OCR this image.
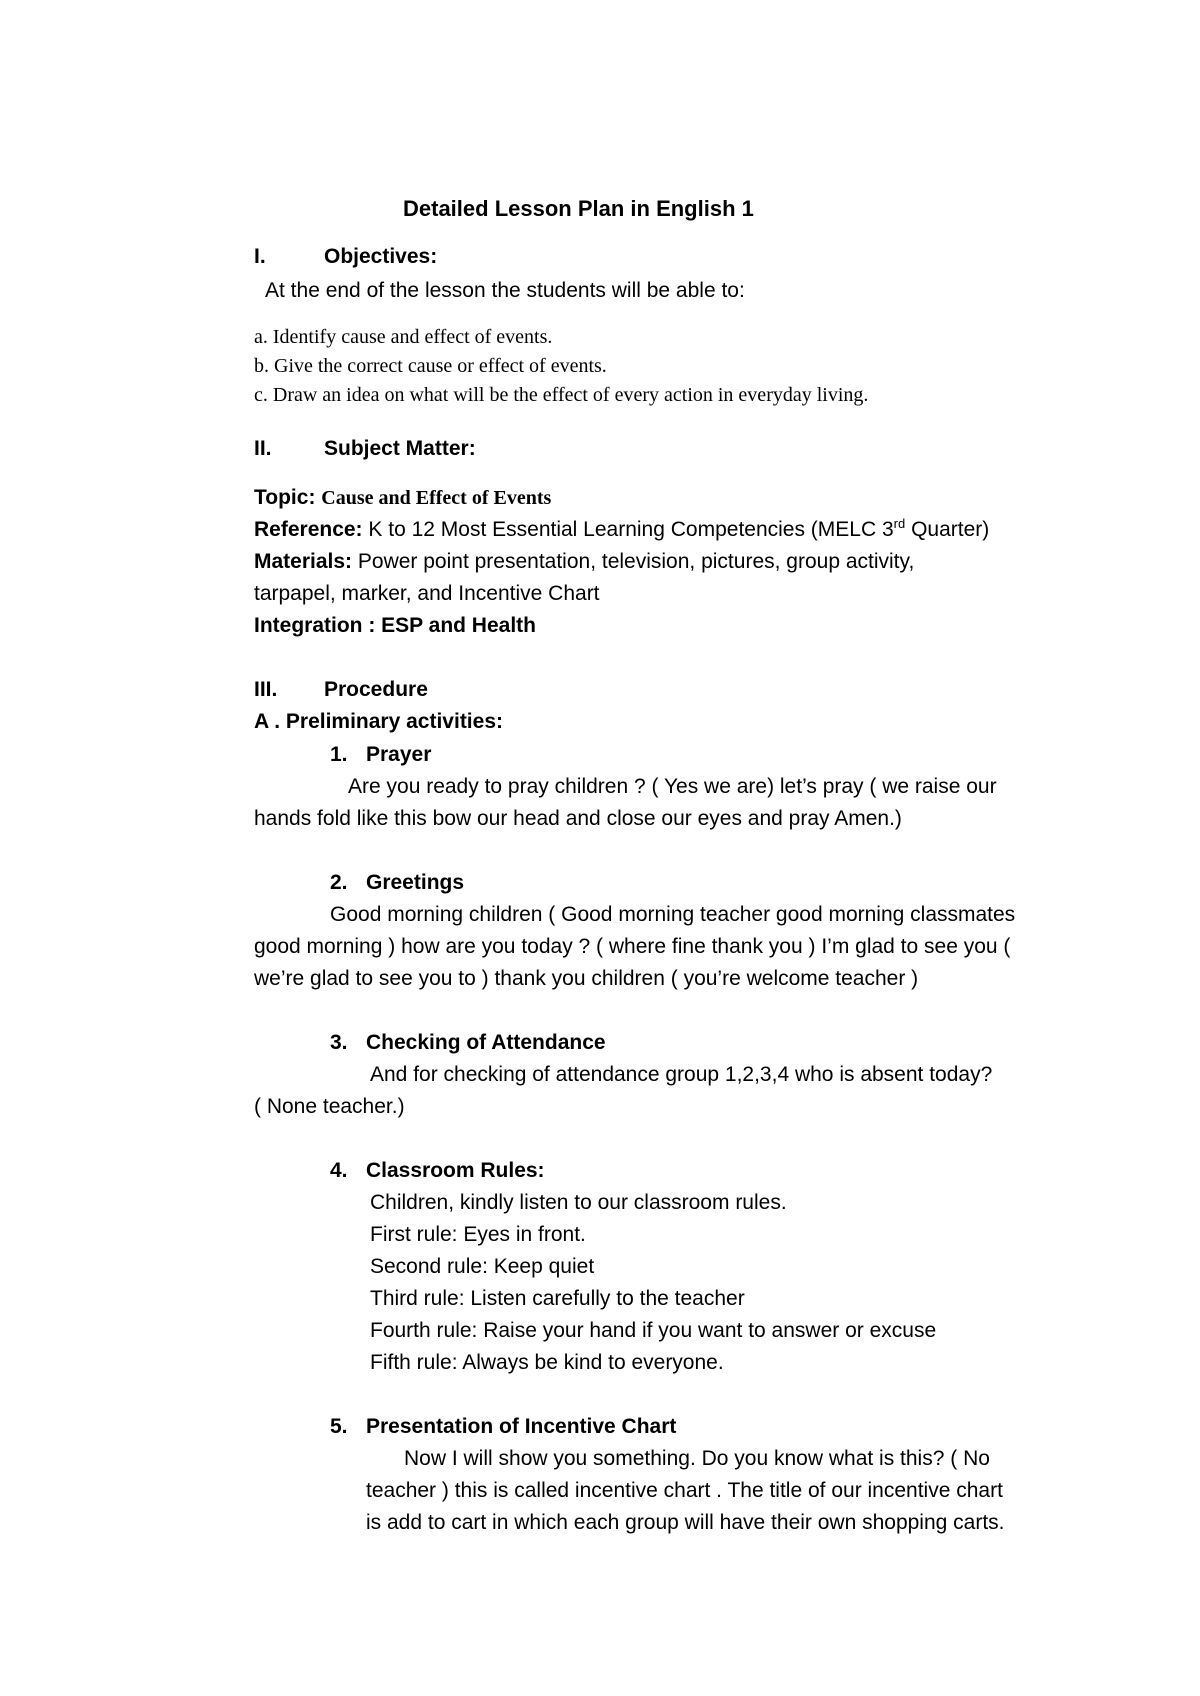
Detailed Lesson Plan in English 1
I.	Objectives:
At the end of the lesson the students will be able to:
a. Identify cause and effect of events.
b. Give the correct cause or effect of events.
c. Draw an idea on what will be the effect of every action in everyday living.
II. Subject Matter:
Topic: Cause and Effect of Events
Reference: K to 12 Most Essential Learning Competencies (MELC 3rd Quarter)
Materials: Power point presentation, television, pictures, group activity,
tarpapel, marker, and Incentive Chart
Integration : ESP and Health
III. Procedure
A . Preliminary activities:
1. Prayer
Are you ready to pray children ? ( Yes we are) let’s pray ( we raise our
hands fold like this bow our head and close our eyes and pray Amen.)
2. Greetings
Good morning children ( Good morning teacher good morning classmates
good morning ) how are you today ? ( where fine thank you ) I’m glad to see you (
we’re glad to see you to ) thank you children ( you’re welcome teacher )
3. Checking of Attendance
And for checking of attendance group 1,2,3,4 who is absent today?
( None teacher.)
4. Classroom Rules:
Children, kindly listen to our classroom rules.
First rule: Eyes in front.
Second rule: Keep quiet
Third rule: Listen carefully to the teacher
Fourth rule: Raise your hand if you want to answer or excuse
Fifth rule: Always be kind to everyone.
5. Presentation of Incentive Chart
Now I will show you something. Do you know what is this? ( No
teacher ) this is called incentive chart . The title of our incentive chart
is add to cart in which each group will have their own shopping carts.
